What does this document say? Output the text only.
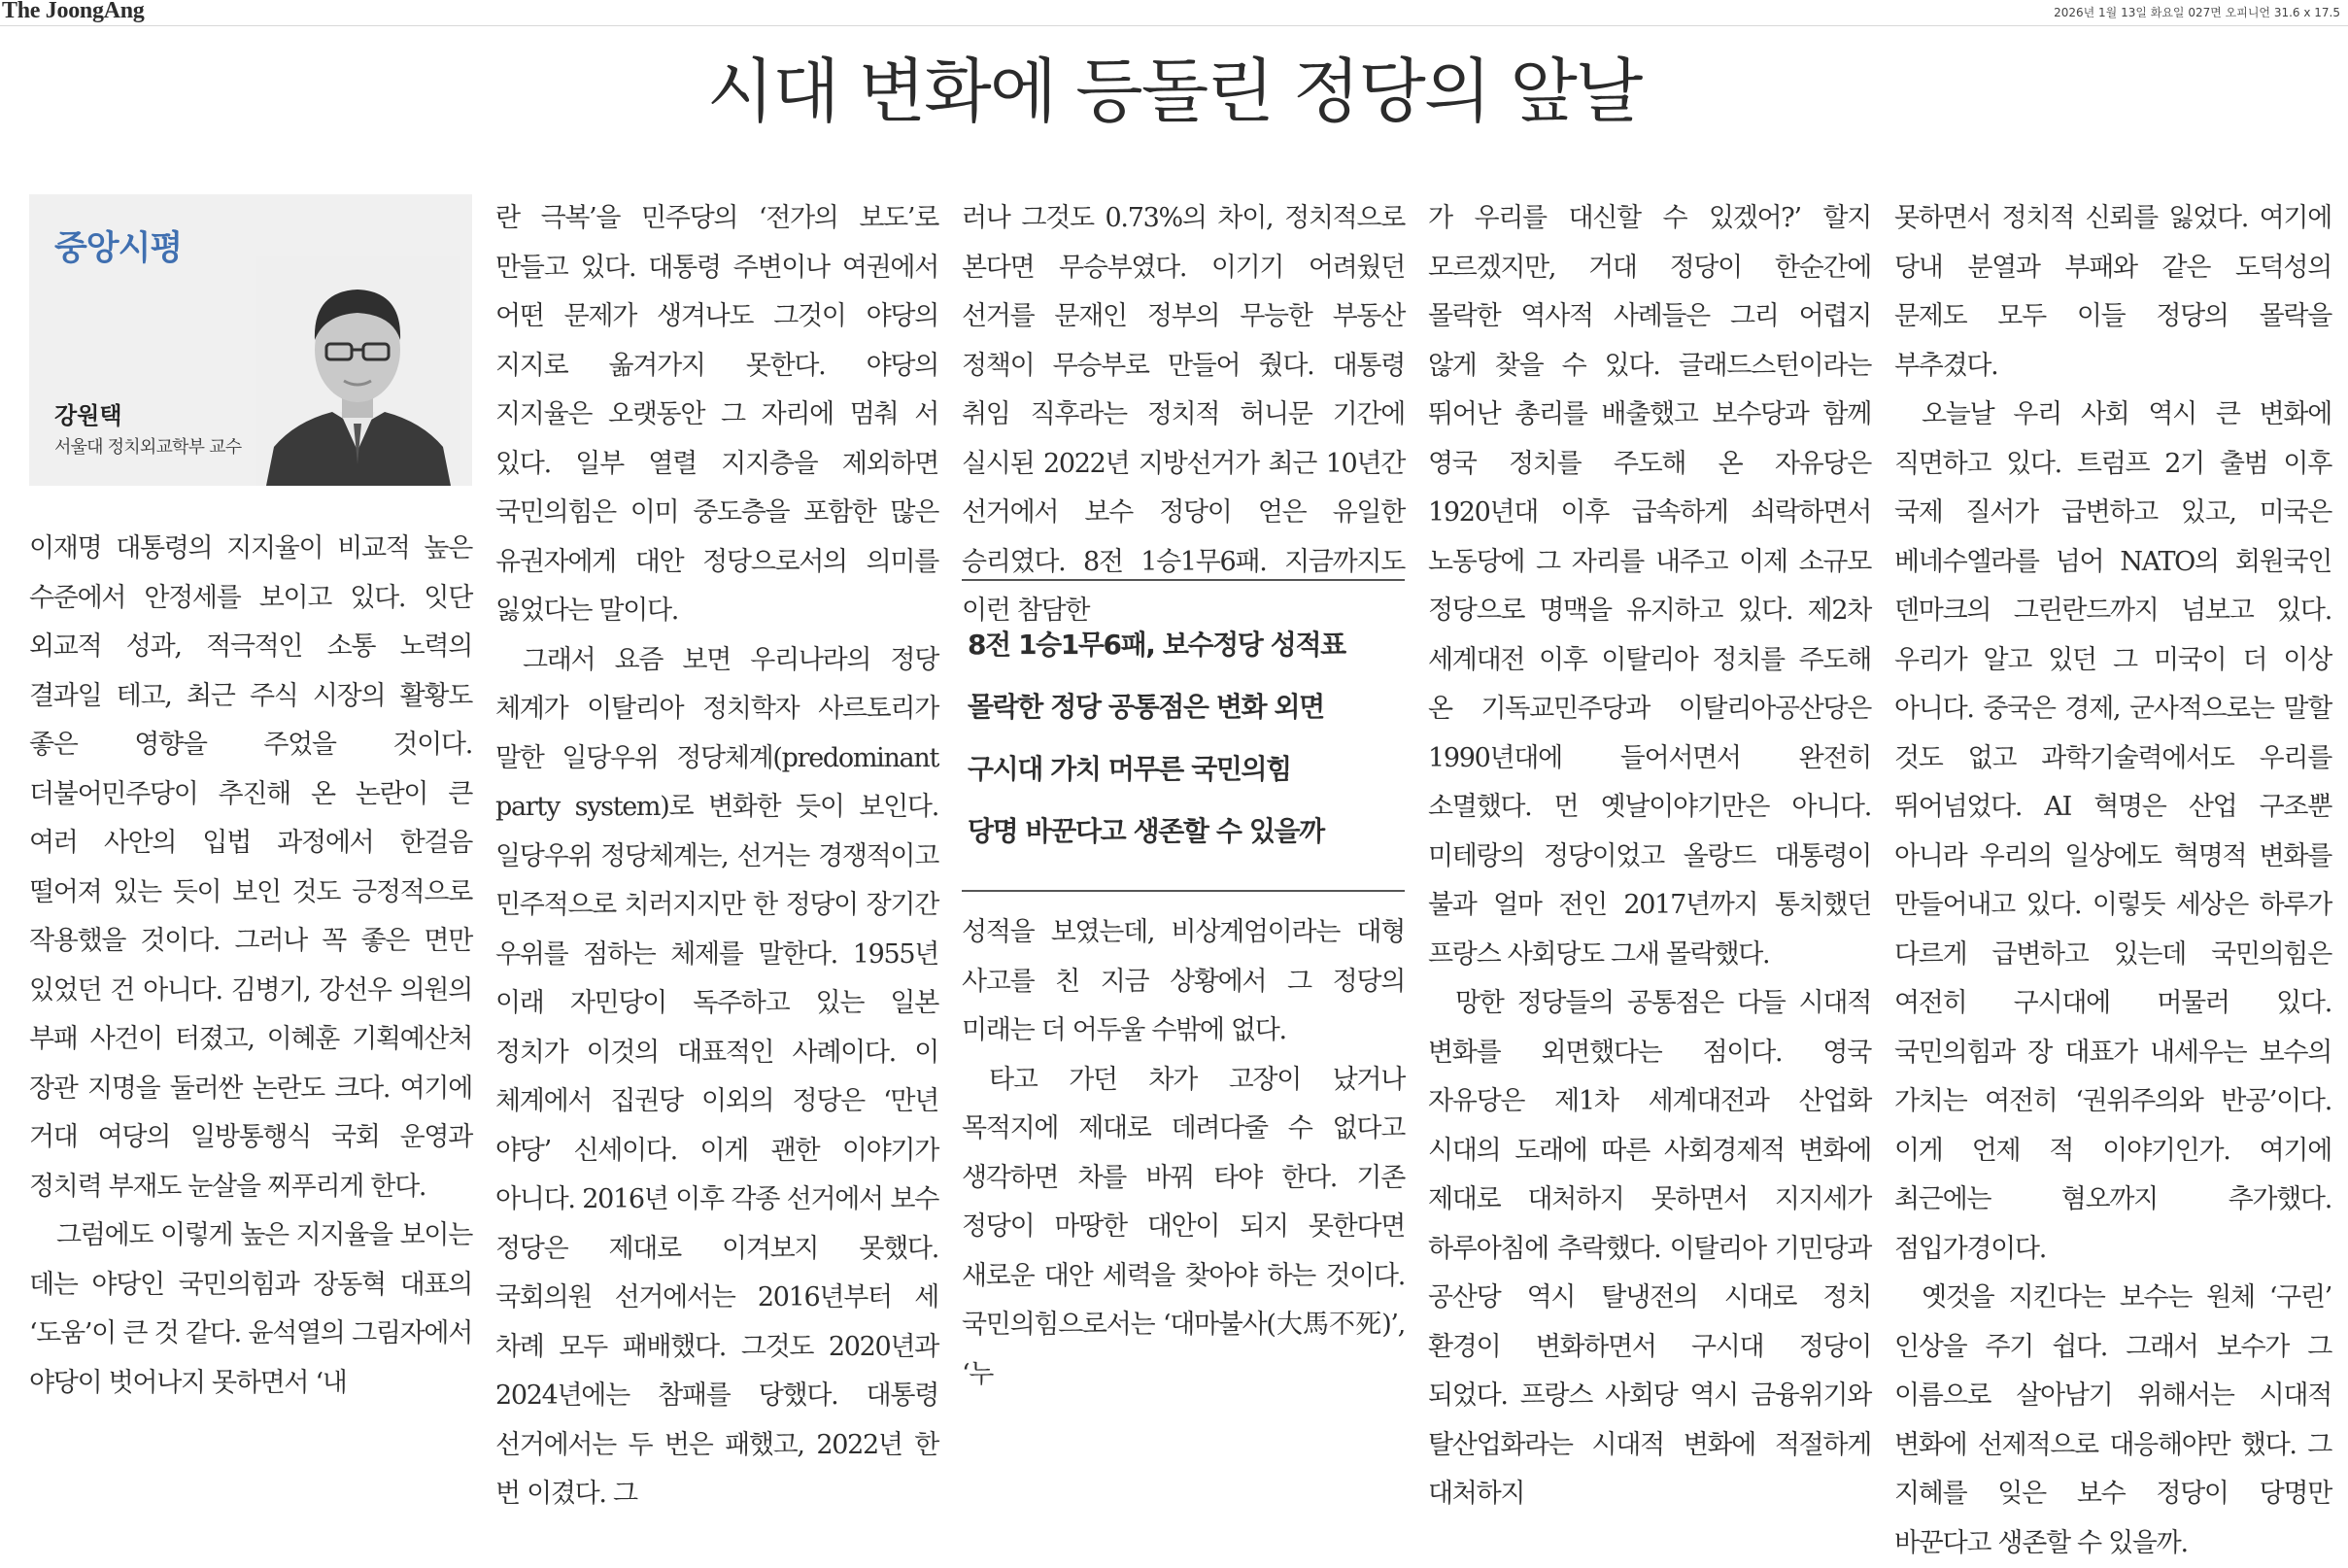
The JoongAng	2026년 1월 13일 화요일 027면 오피니언 31.6 x 17.5
시대 변화에 등돌린 정당의 앞날
중앙시평
강원택
서울대 정치외교학부 교수

이재명 대통령의 지지율이 비교적 높은 수준에서 안정세를 보이고 있다. 잇단 외교적 성과, 적극적인 소통 노력의 결과일 테고, 최근 주식 시장의 활황도 좋은 영향을 주었을 것이다. 더불어민주당이 추진해 온 논란이 큰 여러 사안의 입법 과정에서 한걸음 떨어져 있는 듯이 보인 것도 긍정적으로 작용했을 것이다. 그러나 꼭 좋은 면만 있었던 건 아니다. 김병기, 강선우 의원의 부패 사건이 터졌고, 이혜훈 기획예산처 장관 지명을 둘러싼 논란도 크다. 여기에 거대 여당의 일방통행식 국회 운영과 정치력 부재도 눈살을 찌푸리게 한다.

그럼에도 이렇게 높은 지지율을 보이는 데는 야당인 국민의힘과 장동혁 대표의 ‘도움’이 큰 것 같다. 윤석열의 그림자에서 야당이 벗어나지 못하면서 ‘내

란 극복’을 민주당의 ‘전가의 보도’로 만들고 있다. 대통령 주변이나 여권에서 어떤 문제가 생겨나도 그것이 야당의 지지로 옮겨가지 못한다. 야당의 지지율은 오랫동안 그 자리에 멈춰 서 있다. 일부 열렬 지지층을 제외하면 국민의힘은 이미 중도층을 포함한 많은 유권자에게 대안 정당으로서의 의미를 잃었다는 말이다.

그래서 요즘 보면 우리나라의 정당 체계가 이탈리아 정치학자 사르토리가 말한 일당우위 정당체계(predominant party system)로 변화한 듯이 보인다. 일당우위 정당체계는, 선거는 경쟁적이고 민주적으로 치러지지만 한 정당이 장기간 우위를 점하는 체제를 말한다. 1955년 이래 자민당이 독주하고 있는 일본 정치가 이것의 대표적인 사례이다. 이 체계에서 집권당 이외의 정당은 ‘만년 야당’ 신세이다. 이게 괜한 이야기가 아니다. 2016년 이후 각종 선거에서 보수 정당은 제대로 이겨보지 못했다. 국회의원 선거에서는 2016년부터 세 차례 모두 패배했다. 그것도 2020년과 2024년에는 참패를 당했다. 대통령 선거에서는 두 번은 패했고, 2022년 한 번 이겼다. 그

러나 그것도 0.73%의 차이, 정치적으로 본다면 무승부였다. 이기기 어려웠던 선거를 문재인 정부의 무능한 부동산 정책이 무승부로 만들어 줬다. 대통령 취임 직후라는 정치적 허니문 기간에 실시된 2022년 지방선거가 최근 10년간 선거에서 보수 정당이 얻은 유일한 승리였다. 8전 1승1무6패. 지금까지도 이런 참담한

8전 1승1무6패, 보수정당 성적표
몰락한 정당 공통점은 변화 외면
구시대 가치 머무른 국민의힘
당명 바꾼다고 생존할 수 있을까

성적을 보였는데, 비상계엄이라는 대형 사고를 친 지금 상황에서 그 정당의 미래는 더 어두울 수밖에 없다.

타고 가던 차가 고장이 났거나 목적지에 제대로 데려다줄 수 없다고 생각하면 차를 바꿔 타야 한다. 기존 정당이 마땅한 대안이 되지 못한다면 새로운 대안 세력을 찾아야 하는 것이다. 국민의힘으로서는 ‘대마불사(大馬不死)’, ‘누

가 우리를 대신할 수 있겠어?’ 할지 모르겠지만, 거대 정당이 한순간에 몰락한 역사적 사례들은 그리 어렵지 않게 찾을 수 있다. 글래드스턴이라는 뛰어난 총리를 배출했고 보수당과 함께 영국 정치를 주도해 온 자유당은 1920년대 이후 급속하게 쇠락하면서 노동당에 그 자리를 내주고 이제 소규모 정당으로 명맥을 유지하고 있다. 제2차 세계대전 이후 이탈리아 정치를 주도해 온 기독교민주당과 이탈리아공산당은 1990년대에 들어서면서 완전히 소멸했다. 먼 옛날이야기만은 아니다. 미테랑의 정당이었고 올랑드 대통령이 불과 얼마 전인 2017년까지 통치했던 프랑스 사회당도 그새 몰락했다.

망한 정당들의 공통점은 다들 시대적 변화를 외면했다는 점이다. 영국 자유당은 제1차 세계대전과 산업화 시대의 도래에 따른 사회경제적 변화에 제대로 대처하지 못하면서 지지세가 하루아침에 추락했다. 이탈리아 기민당과 공산당 역시 탈냉전의 시대로 정치 환경이 변화하면서 구시대 정당이 되었다. 프랑스 사회당 역시 금융위기와 탈산업화라는 시대적 변화에 적절하게 대처하지

못하면서 정치적 신뢰를 잃었다. 여기에 당내 분열과 부패와 같은 도덕성의 문제도 모두 이들 정당의 몰락을 부추겼다.

오늘날 우리 사회 역시 큰 변화에 직면하고 있다. 트럼프 2기 출범 이후 국제 질서가 급변하고 있고, 미국은 베네수엘라를 넘어 NATO의 회원국인 덴마크의 그린란드까지 넘보고 있다. 우리가 알고 있던 그 미국이 더 이상 아니다. 중국은 경제, 군사적으로는 말할 것도 없고 과학기술력에서도 우리를 뛰어넘었다. AI 혁명은 산업 구조뿐 아니라 우리의 일상에도 혁명적 변화를 만들어내고 있다. 이렇듯 세상은 하루가 다르게 급변하고 있는데 국민의힘은 여전히 구시대에 머물러 있다. 국민의힘과 장 대표가 내세우는 보수의 가치는 여전히 ‘권위주의와 반공’이다. 이게 언제 적 이야기인가. 여기에 최근에는 혐오까지 추가했다. 점입가경이다.

옛것을 지킨다는 보수는 원체 ‘구린’ 인상을 주기 쉽다. 그래서 보수가 그 이름으로 살아남기 위해서는 시대적 변화에 선제적으로 대응해야만 했다. 그 지혜를 잊은 보수 정당이 당명만 바꾼다고 생존할 수 있을까.
